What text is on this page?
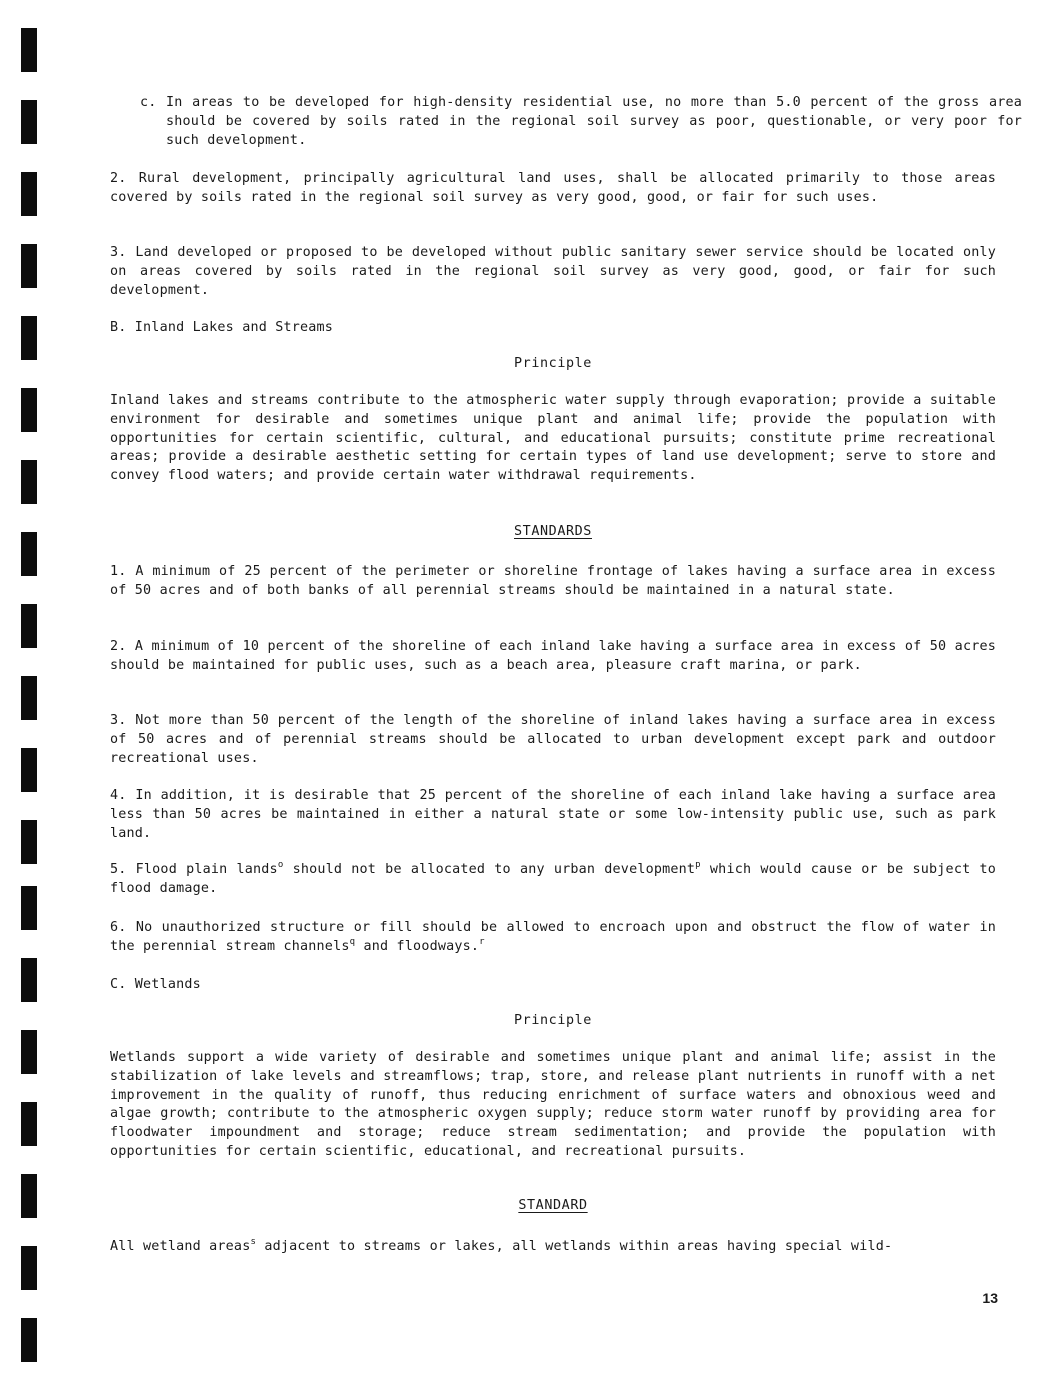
c. In areas to be developed for high-density residential use, no more than 5.0 percent of the gross area should be covered by soils rated in the regional soil survey as poor, questionable, or very poor for such development.

2. Rural development, principally agricultural land uses, shall be allocated primarily to those areas covered by soils rated in the regional soil survey as very good, good, or fair for such uses.

3. Land developed or proposed to be developed without public sanitary sewer service should be located only on areas covered by soils rated in the regional soil survey as very good, good, or fair for such development.

B. Inland Lakes and Streams

Principle

Inland lakes and streams contribute to the atmospheric water supply through evaporation; provide a suitable environment for desirable and sometimes unique plant and animal life; provide the population with opportunities for certain scientific, cultural, and educational pursuits; constitute prime recreational areas; provide a desirable aesthetic setting for certain types of land use development; serve to store and convey flood waters; and provide certain water withdrawal requirements.

STANDARDS

1. A minimum of 25 percent of the perimeter or shoreline frontage of lakes having a surface area in excess of 50 acres and of both banks of all perennial streams should be maintained in a natural state.

2. A minimum of 10 percent of the shoreline of each inland lake having a surface area in excess of 50 acres should be maintained for public uses, such as a beach area, pleasure craft marina, or park.

3. Not more than 50 percent of the length of the shoreline of inland lakes having a surface area in excess of 50 acres and of perennial streams should be allocated to urban development except park and outdoor recreational uses.

4. In addition, it is desirable that 25 percent of the shoreline of each inland lake having a surface area less than 50 acres be maintained in either a natural state or some low-intensity public use, such as park land.

5. Flood plain lands$^o$ should not be allocated to any urban development$^p$ which would cause or be subject to flood damage.

6. No unauthorized structure or fill should be allowed to encroach upon and obstruct the flow of water in the perennial stream channels$^q$ and floodways.$^r$

C. Wetlands

Principle

Wetlands support a wide variety of desirable and sometimes unique plant and animal life; assist in the stabilization of lake levels and streamflows; trap, store, and release plant nutrients in runoff with a net improvement in the quality of runoff, thus reducing enrichment of surface waters and obnoxious weed and algae growth; contribute to the atmospheric oxygen supply; reduce storm water runoff by providing area for floodwater impoundment and storage; reduce stream sedimentation; and provide the population with opportunities for certain scientific, educational, and recreational pursuits.

STANDARD

All wetland areas$^s$ adjacent to streams or lakes, all wetlands within areas having special wild-

13
